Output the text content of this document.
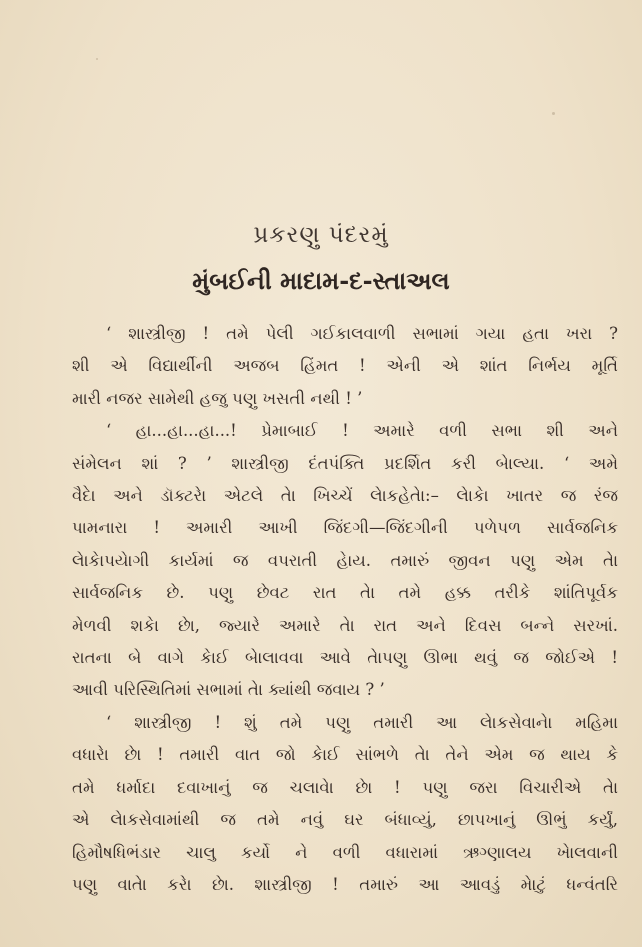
પ્રકરણુ પંદરમું
મુંબઈની માદામ-દ-સ્તાઅલ
‘ શાસ્ત્રીજી ! તમે પેલી ગઈકાલવાળી સભામાં ગયા હતા ખરા ?
શી એ વિદ્યાર્થીની અજબ હિંમત ! એની એ શાંત નિર્ભય મૂર્તિ
મારી નજર સામેથી હજુ પણુ ખસતી નથી ! ’
‘ હા...હા...હા...! પ્રેમાબાઈ ! અમારે વળી સભા શી અને
સંમેલન શાં ? ’ શાસ્ત્રીજી દંતપંક્તિ પ્રદર્શિત કરી બેાલ્યા. ‘ અમે
વૈદેા અને ડૉક્ટરેા એટલે તેા ખિચ્ચેં લેાકહેતેા:– લેાકેા ખાતર જ રંજ
પામનારા ! અમારી આખી જિંદગી—જિંદગીની પળેપળ સાર્વજનિક
લેાકેાપયેાગી કાર્યમાં જ વપરાતી હેાય. તમારું જીવન પણુ એમ તેા
સાર્વજનિક છે. પણુ છેવટ રાત તેા તમે હક્ક તરીકે શાંતિપૂર્વક
મેળવી શકેા છેા, જ્યારે અમારે તેા રાત અને દિવસ બન્ને સરખાં.
રાતના બે વાગે કેાઈ બેાલાવવા આવે તેાપણુ ઊભા થવું જ જોઈએ !
આવી પરિસ્થિતિમાં સભામાં તેા ક્યાંથી જવાય ? ’
‘ શાસ્ત્રીજી ! શું તમે પણુ તમારી આ લેાકસેવાનેા મહિમા
વધારેા છેા ! તમારી વાત જો કેાઈ સાંભળે તેા તેને એમ જ થાય કે
તમે ધર્માદા દવાખાનું જ ચલાવેા છેા ! પણુ જરા વિચારીએ તેા
એ લેાકસેવામાંથી જ તમે નવું ઘર બંધાવ્યું, છાપખાનું ઊભું કર્યું,
હિમૌષધિભંડાર ચાલુ કર્યો ને વળી વધારામાં ઋગ્ણાલય ખેાલવાની
પણુ વાતેા કરેા છેા. શાસ્ત્રીજી ! તમારું આ આવડું મેાટું ધન્વંતરિ
